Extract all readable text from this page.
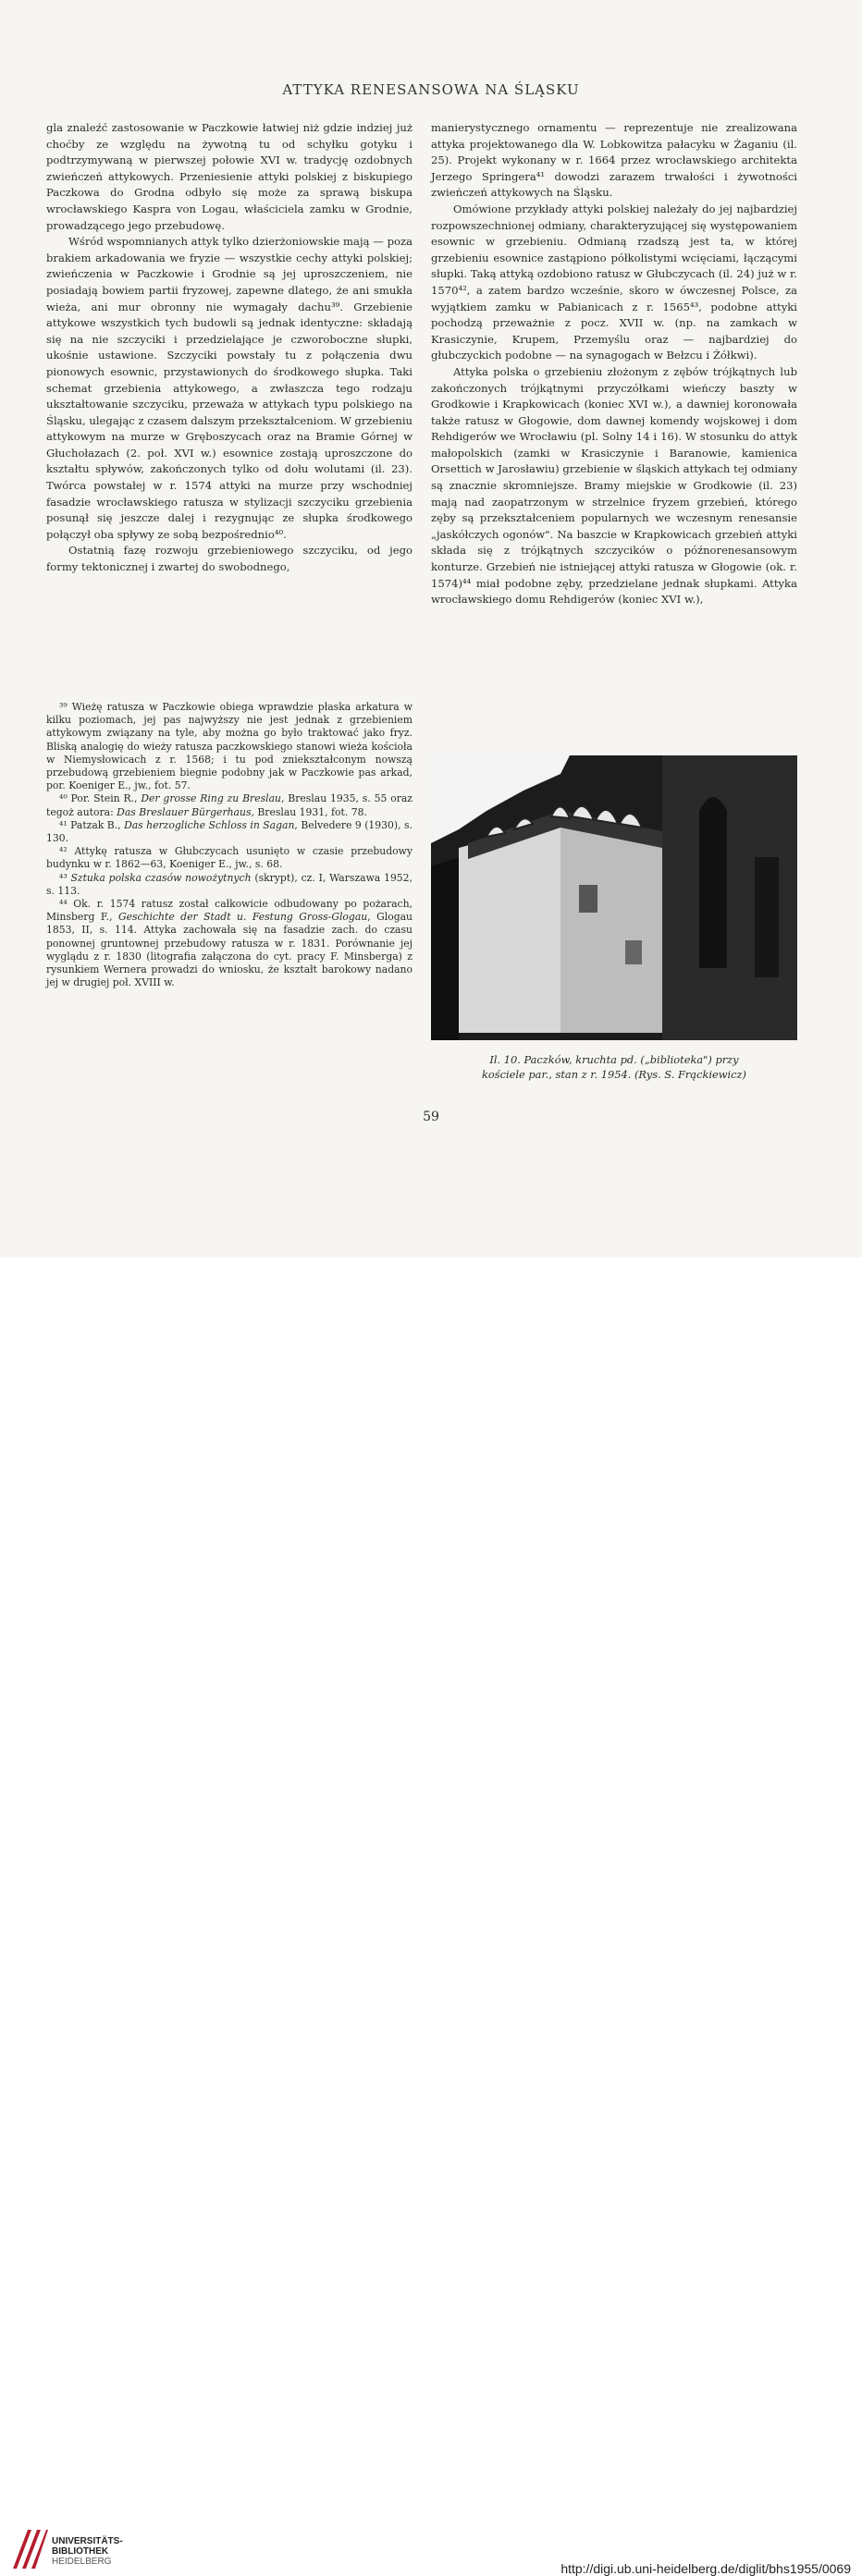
ATTYKA RENESANSOWA NA ŚLĄSKU

gla znaleźć zastosowanie w Paczkowie łatwiej niż gdzie indziej już choćby ze względu na żywotną tu od schyłku gotyku i podtrzymywaną w pierwszej połowie XVI w. tradycję ozdobnych zwieńczeń attykowych. Przeniesienie attyki polskiej z biskupiego Paczkowa do Grodna odbyło się może za sprawą biskupa wrocławskiego Kaspra von Logau, właściciela zamku w Grodnie, prowadzącego jego przebudowę.

Wśród wspomnianych attyk tylko dzierżoniowskie mają — poza brakiem arkadowania we fryzie — wszystkie cechy attyki polskiej; zwieńczenia w Paczkowie i Grodnie są jej uproszczeniem, nie posiadają bowiem partii fryzowej, zapewne dlatego, że ani smukła wieża, ani mur obronny nie wymagały dachu³⁹. Grzebienie attykowe wszystkich tych budowli są jednak identyczne: składają się na nie szczyciki i przedzielające je czworoboczne słupki, ukośnie ustawione. Szczyciki powstały tu z połączenia dwu pionowych esownic, przystawionych do środkowego słupka. Taki schemat grzebienia attykowego, a zwłaszcza tego rodzaju ukształtowanie szczyciku, przeważa w attykach typu polskiego na Śląsku, ulegając z czasem dalszym przekształceniom. W grzebieniu attykowym na murze w Gręboszycach oraz na Bramie Górnej w Głuchołazach (2. poł. XVI w.) esownice zostają uproszczone do kształtu spływów, zakończonych tylko od dołu wolutami (il. 23). Twórca powstałej w r. 1574 attyki na murze przy wschodniej fasadzie wrocławskiego ratusza w stylizacji szczyciku grzebienia posunął się jeszcze dalej i rezygnując ze słupka środkowego połączył oba spływy ze sobą bezpośrednio⁴⁰.

Ostatnią fazę rozwoju grzebieniowego szczyciku, od jego formy tektonicznej i zwartej do swobodnego,

manierystycznego ornamentu — reprezentuje nie zrealizowana attyka projektowanego dla W. Lobkowitza pałacyku w Żaganiu (il. 25). Projekt wykonany w r. 1664 przez wrocławskiego architekta Jerzego Springera⁴¹ dowodzi zarazem trwałości i żywotności zwieńczeń attykowych na Śląsku.

Omówione przykłady attyki polskiej należały do jej najbardziej rozpowszechnionej odmiany, charakteryzującej się występowaniem esownic w grzebieniu. Odmianą rzadszą jest ta, w której grzebieniu esownice zastąpiono półkolistymi wcięciami, łączącymi słupki. Taką attyką ozdobiono ratusz w Głubczycach (il. 24) już w r. 1570⁴², a zatem bardzo wcześnie, skoro w ówczesnej Polsce, za wyjątkiem zamku w Pabianicach z r. 1565⁴³, podobne attyki pochodzą przeważnie z pocz. XVII w. (np. na zamkach w Krasiczynie, Krupem, Przemyślu oraz — najbardziej do głubczyckich podobne — na synagogach w Bełzcu i Żółkwi).

Attyka polska o grzebieniu złożonym z zębów trójkątnych lub zakończonych trójkątnymi przyczółkami wieńczy baszty w Grodkowie i Krapkowicach (koniec XVI w.), a dawniej koronowała także ratusz w Głogowie, dom dawnej komendy wojskowej i dom Rehdigerów we Wrocławiu (pl. Solny 14 i 16). W stosunku do attyk małopolskich (zamki w Krasiczynie i Baranowie, kamienica Orsettich w Jarosławiu) grzebienie w śląskich attykach tej odmiany są znacznie skromniejsze. Bramy miejskie w Grodkowie (il. 23) mają nad zaopatrzonym w strzelnice fryzem grzebień, którego zęby są przekształceniem popularnych we wczesnym renesansie „jaskółczych ogonów". Na baszcie w Krapkowicach grzebień attyki składa się z trójkątnych szczycików o późnorenesansowym konturze. Grzebień nie istniejącej attyki ratusza w Głogowie (ok. r. 1574)⁴⁴ miał podobne zęby, przedzielane jednak słupkami. Attyka wrocławskiego domu Rehdigerów (koniec XVI w.),

³⁹ Wieżę ratusza w Paczkowie obiega wprawdzie płaska arkatura w kilku poziomach, jej pas najwyższy nie jest jednak z grzebieniem attykowym związany na tyle, aby można go było traktować jako fryz. Bliską analogię do wieży ratusza paczkowskiego stanowi wieża kościoła w Niemysłowicach z r. 1568; i tu pod zniekształconym nowszą przebudową grzebieniem biegnie podobny jak w Paczkowie pas arkad, por. Koeniger E., jw., fot. 57.

⁴⁰ Por. Stein R., Der grosse Ring zu Breslau, Breslau 1935, s. 55 oraz tegoż autora: Das Breslauer Bürgerhaus, Breslau 1931, fot. 78.

⁴¹ Patzak B., Das herzogliche Schloss in Sagan, Belvedere 9 (1930), s. 130.

⁴² Attykę ratusza w Głubczycach usunięto w czasie przebudowy budynku w r. 1862—63, Koeniger E., jw., s. 68.

⁴³ Sztuka polska czasów nowożytnych (skrypt), cz. I, Warszawa 1952, s. 113.

⁴⁴ Ok. r. 1574 ratusz został całkowicie odbudowany po pożarach, Minsberg F., Geschichte der Stadt u. Festung Gross-Glogau, Glogau 1853, II, s. 114. Attyka zachowała się na fasadzie zach. do czasu ponownej gruntownej przebudowy ratusza w r. 1831. Porównanie jej wyglądu z r. 1830 (litografia załączona do cyt. pracy F. Minsberga) z rysunkiem Wernera prowadzi do wniosku, że kształt barokowy nadano jej w drugiej poł. XVIII w.

Il. 10. Paczków, kruchta pd. („biblioteka") przy
kościele par., stan z r. 1954. (Rys. S. Frąckiewicz)
59
UNIVERSITÄTS-
BIBLIOTHEK
HEIDELBERG	http://digi.ub.uni-heidelberg.de/diglit/bhs1955/0069
